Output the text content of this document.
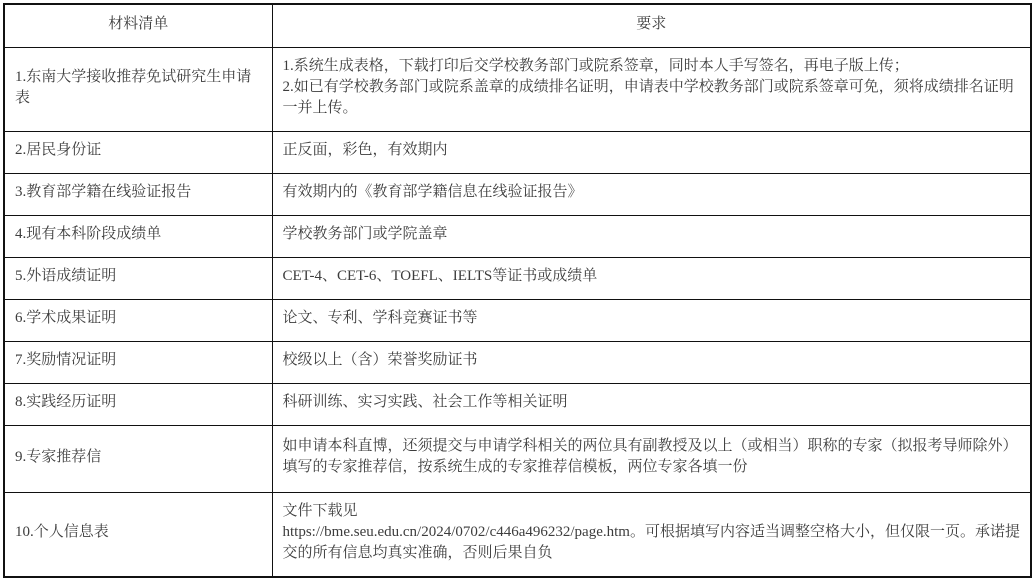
材料清单	要求
1.东南大学接收推荐免试研究生申请表	1.系统生成表格，下载打印后交学校教务部门或院系签章，同时本人手写签名，再电子版上传；
2.如已有学校教务部门或院系盖章的成绩排名证明，申请表中学校教务部门或院系签章可免，须将成绩排名证明一并上传。

2.居民身份证	正反面，彩色，有效期内

3.教育部学籍在线验证报告	有效期内的《教育部学籍信息在线验证报告》

4.现有本科阶段成绩单	学校教务部门或学院盖章

5.外语成绩证明	CET-4、CET-6、TOEFL、IELTS等证书或成绩单

6.学术成果证明	论文、专利、学科竞赛证书等

7.奖励情况证明	校级以上（含）荣誉奖励证书

8.实践经历证明	科研训练、实习实践、社会工作等相关证明

9.专家推荐信	如申请本科直博，还须提交与申请学科相关的两位具有副教授及以上（或相当）职称的专家（拟报考导师除外）填写的专家推荐信，按系统生成的专家推荐信模板，两位专家各填一份

10.个人信息表	文件下载见
https://bme.seu.edu.cn/2024/0702/c446a496232/page.htm。可根据填写内容适当调整空格大小，但仅限一页。承诺提交的所有信息均真实准确，否则后果自负
